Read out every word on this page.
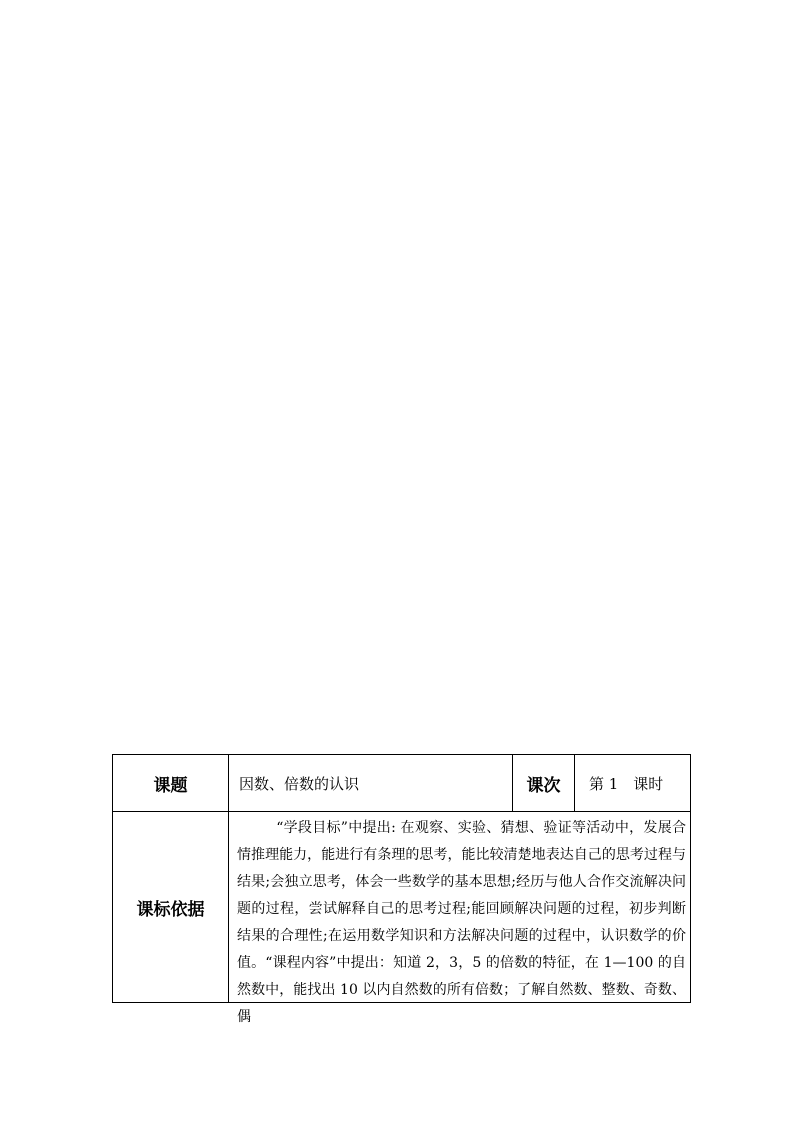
课题	因数、倍数的认识	课次	第 1　课时
课标依据	“学段目标”中提出: 在观察、实验、猜想、验证等活动中，发展合情推理能力，能进行有条理的思考，能比较清楚地表达自己的思考过程与结果;会独立思考，体会一些数学的基本思想;经历与他人合作交流解决问题的过程，尝试解释自己的思考过程;能回顾解决问题的过程，初步判断结果的合理性;在运用数学知识和方法解决问题的过程中，认识数学的价值。“课程内容”中提出：知道 2，3，5 的倍数的特征，在 1—100 的自然数中，能找出 10 以内自然数的所有倍数；了解自然数、整数、奇数、偶		
